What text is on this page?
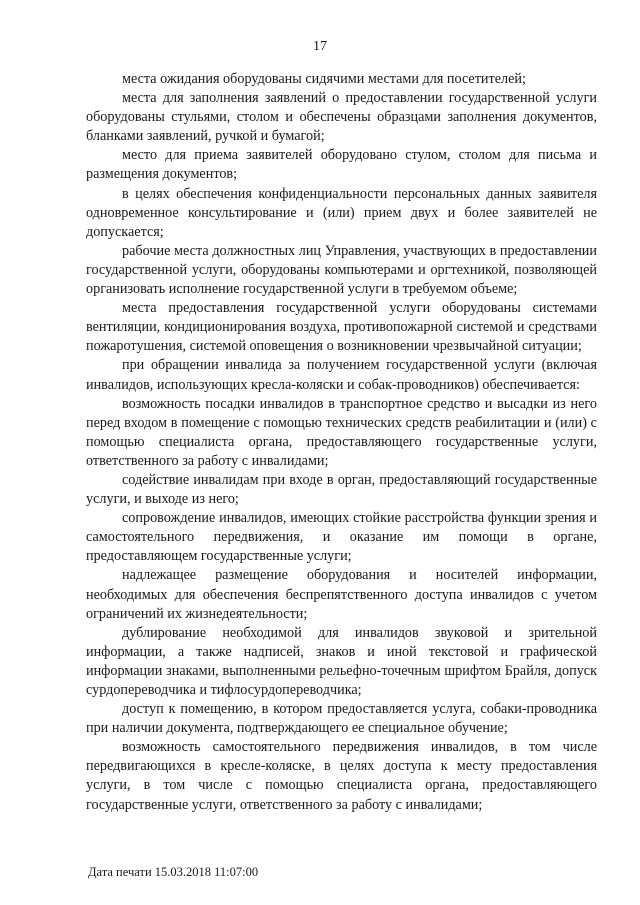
17

места ожидания оборудованы сидячими местами для посетителей;

места для заполнения заявлений о предоставлении государственной услуги оборудованы стульями, столом и обеспечены образцами заполнения документов, бланками заявлений, ручкой и бумагой;

место для приема заявителей оборудовано стулом, столом для письма и размещения документов;

в целях обеспечения конфиденциальности персональных данных заявителя одновременное консультирование и (или) прием двух и более заявителей не допускается;

рабочие места должностных лиц Управления, участвующих в предоставлении государственной услуги, оборудованы компьютерами и оргтехникой, позволяющей организовать исполнение государственной услуги в требуемом объеме;

места предоставления государственной услуги оборудованы системами вентиляции, кондиционирования воздуха, противопожарной системой и средствами пожаротушения, системой оповещения о возникновении чрезвычайной ситуации;

при обращении инвалида за получением государственной услуги (включая инвалидов, использующих кресла-коляски и собак-проводников) обеспечивается:

возможность посадки инвалидов в транспортное средство и высадки из него перед входом в помещение с помощью технических средств реабилитации и (или) с помощью специалиста органа, предоставляющего государственные услуги, ответственного за работу с инвалидами;

содействие инвалидам при входе в орган, предоставляющий государственные услуги, и выходе из него;

сопровождение инвалидов, имеющих стойкие расстройства функции зрения и самостоятельного передвижения, и оказание им помощи в органе, предоставляющем государственные услуги;

надлежащее размещение оборудования и носителей информации, необходимых для обеспечения беспрепятственного доступа инвалидов с учетом ограничений их жизнедеятельности;

дублирование необходимой для инвалидов звуковой и зрительной информации, а также надписей, знаков и иной текстовой и графической информации знаками, выполненными рельефно-точечным шрифтом Брайля, допуск сурдопереводчика и тифлосурдопереводчика;

доступ к помещению, в котором предоставляется услуга, собаки-проводника при наличии документа, подтверждающего ее специальное обучение;

возможность самостоятельного передвижения инвалидов, в том числе передвигающихся в кресле-коляске, в целях доступа к месту предоставления услуги, в том числе с помощью специалиста органа, предоставляющего государственные услуги, ответственного за работу с инвалидами;

Дата печати 15.03.2018 11:07:00
